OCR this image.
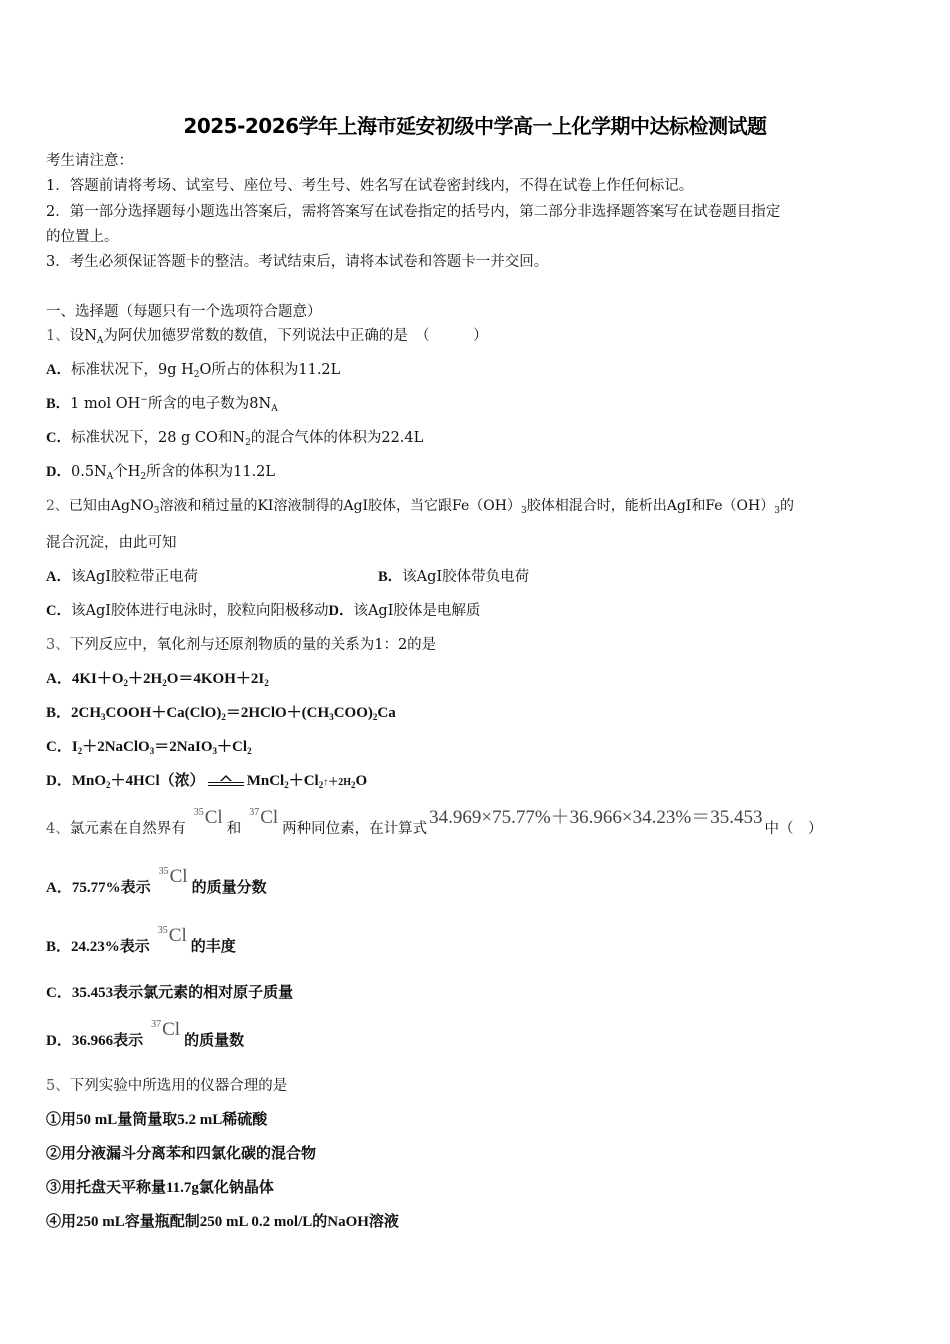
2025-2026学年上海市延安初级中学高一上化学期中达标检测试题
考生请注意：
1．答题前请将考场、试室号、座位号、考生号、姓名写在试卷密封线内，不得在试卷上作任何标记。
2．第一部分选择题每小题选出答案后，需将答案写在试卷指定的括号内，第二部分非选择题答案写在试卷题目指定
的位置上。
3．考生必须保证答题卡的整洁。考试结束后，请将本试卷和答题卡一并交回。
一、选择题（每题只有一个选项符合题意）
1、设$N_A$为阿伏加德罗常数的数值，下列说法中正确的是　（　　　）
A．标准状况下，9g $H_2O$所占的体积为11.2L
B．1 mol OH−所含的电子数为$8N_A$
C．标准状况下，28 g CO和$N_2$的混合气体的体积为22.4L
D．$0.5N_A$个$H_2$所含的体积为11.2L
2、已知由AgNO$_3$溶液和稍过量的KI溶液制得的AgI胶体，当它跟$Fe(OH)_3$胶体相混合时，能析出AgI和$Fe(OH)_3$的
混合沉淀，由此可知
A．该AgI胶粒带正电荷	B．该AgI胶体带负电荷
C．该AgI胶体进行电泳时，胶粒向阳极移动D．该AgI胶体是电解质
3、下列反应中，氧化剂与还原剂物质的量的关系为1：2的是
A．$4KI+O_2+2H_2O=4KOH+2I_2$
B．$2CH_3COOH+Ca(ClO)_2=2HClO+(CH_3COO)_2Ca$
C．$I_2+2NaClO_3=2NaIO_3+Cl_2$
D．MnO$_2$＋4HCl（浓）	$MnCl_2+Cl_2↑+2H_2O$
4、氯元素在自然界有$^{35}$Cl和$^{37}$Cl两种同位素，在计算式34.969×75.77%＋36.966×34.23%＝35.453中（　）
A．75.77%表示$^{35}$Cl的质量分数
B．24.23%表示$^{35}$Cl的丰度
C．35.453表示氯元素的相对原子质量
D．36.966表示$^{37}$Cl的质量数
5、下列实验中所选用的仪器合理的是
①用50 mL量筒量取5.2 mL稀硫酸
②用分液漏斗分离苯和四氯化碳的混合物
③用托盘天平称量11.7g氯化钠晶体
④用250 mL容量瓶配制250 mL 0.2 mol/L的NaOH溶液
